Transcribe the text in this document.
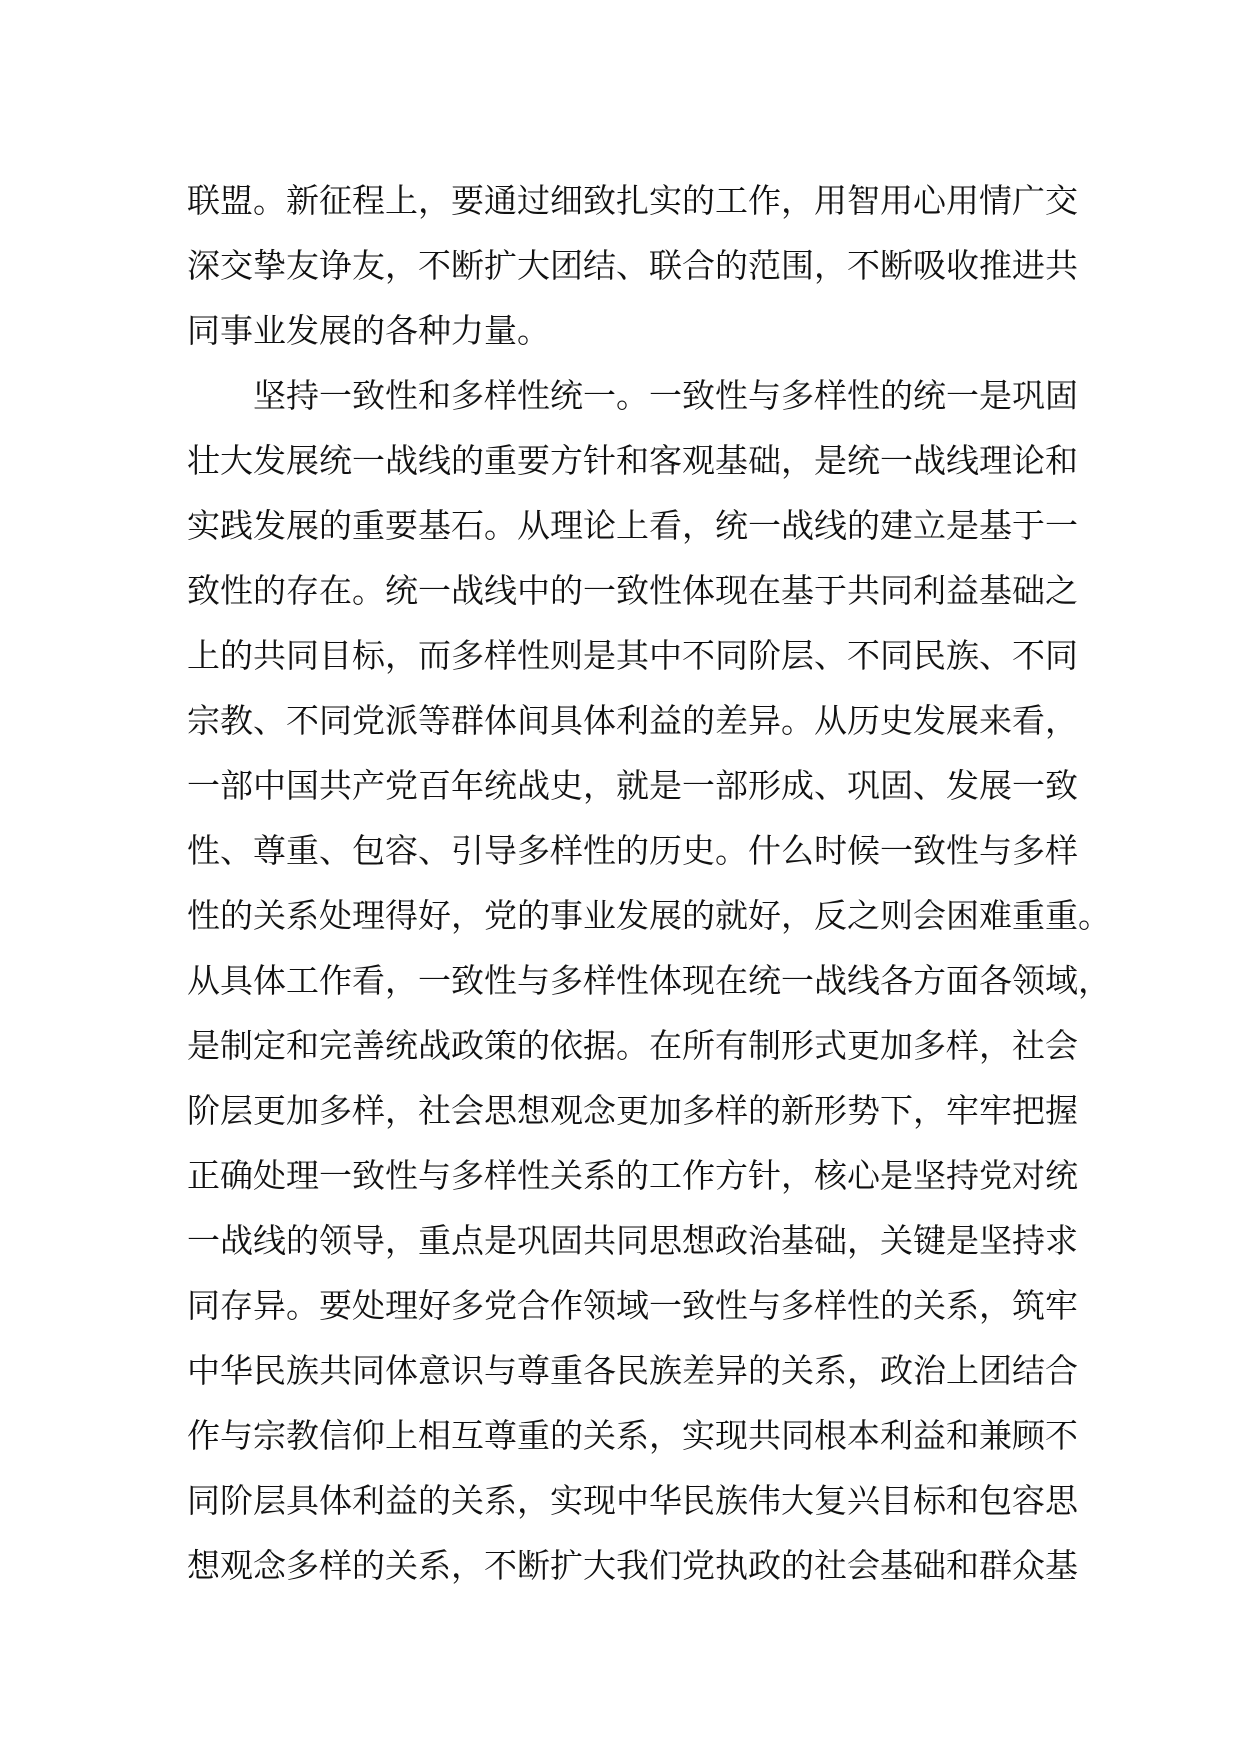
联盟。新征程上，要通过细致扎实的工作，用智用心用情广交
深交挚友诤友，不断扩大团结、联合的范围，不断吸收推进共
同事业发展的各种力量。
坚持一致性和多样性统一。一致性与多样性的统一是巩固
壮大发展统一战线的重要方针和客观基础，是统一战线理论和
实践发展的重要基石。从理论上看，统一战线的建立是基于一
致性的存在。统一战线中的一致性体现在基于共同利益基础之
上的共同目标，而多样性则是其中不同阶层、不同民族、不同
宗教、不同党派等群体间具体利益的差异。从历史发展来看，
一部中国共产党百年统战史，就是一部形成、巩固、发展一致
性、尊重、包容、引导多样性的历史。什么时候一致性与多样
性的关系处理得好，党的事业发展的就好，反之则会困难重重。
从具体工作看，一致性与多样性体现在统一战线各方面各领域，
是制定和完善统战政策的依据。在所有制形式更加多样，社会
阶层更加多样，社会思想观念更加多样的新形势下，牢牢把握
正确处理一致性与多样性关系的工作方针，核心是坚持党对统
一战线的领导，重点是巩固共同思想政治基础，关键是坚持求
同存异。要处理好多党合作领域一致性与多样性的关系，筑牢
中华民族共同体意识与尊重各民族差异的关系，政治上团结合
作与宗教信仰上相互尊重的关系，实现共同根本利益和兼顾不
同阶层具体利益的关系，实现中华民族伟大复兴目标和包容思
想观念多样的关系，不断扩大我们党执政的社会基础和群众基
